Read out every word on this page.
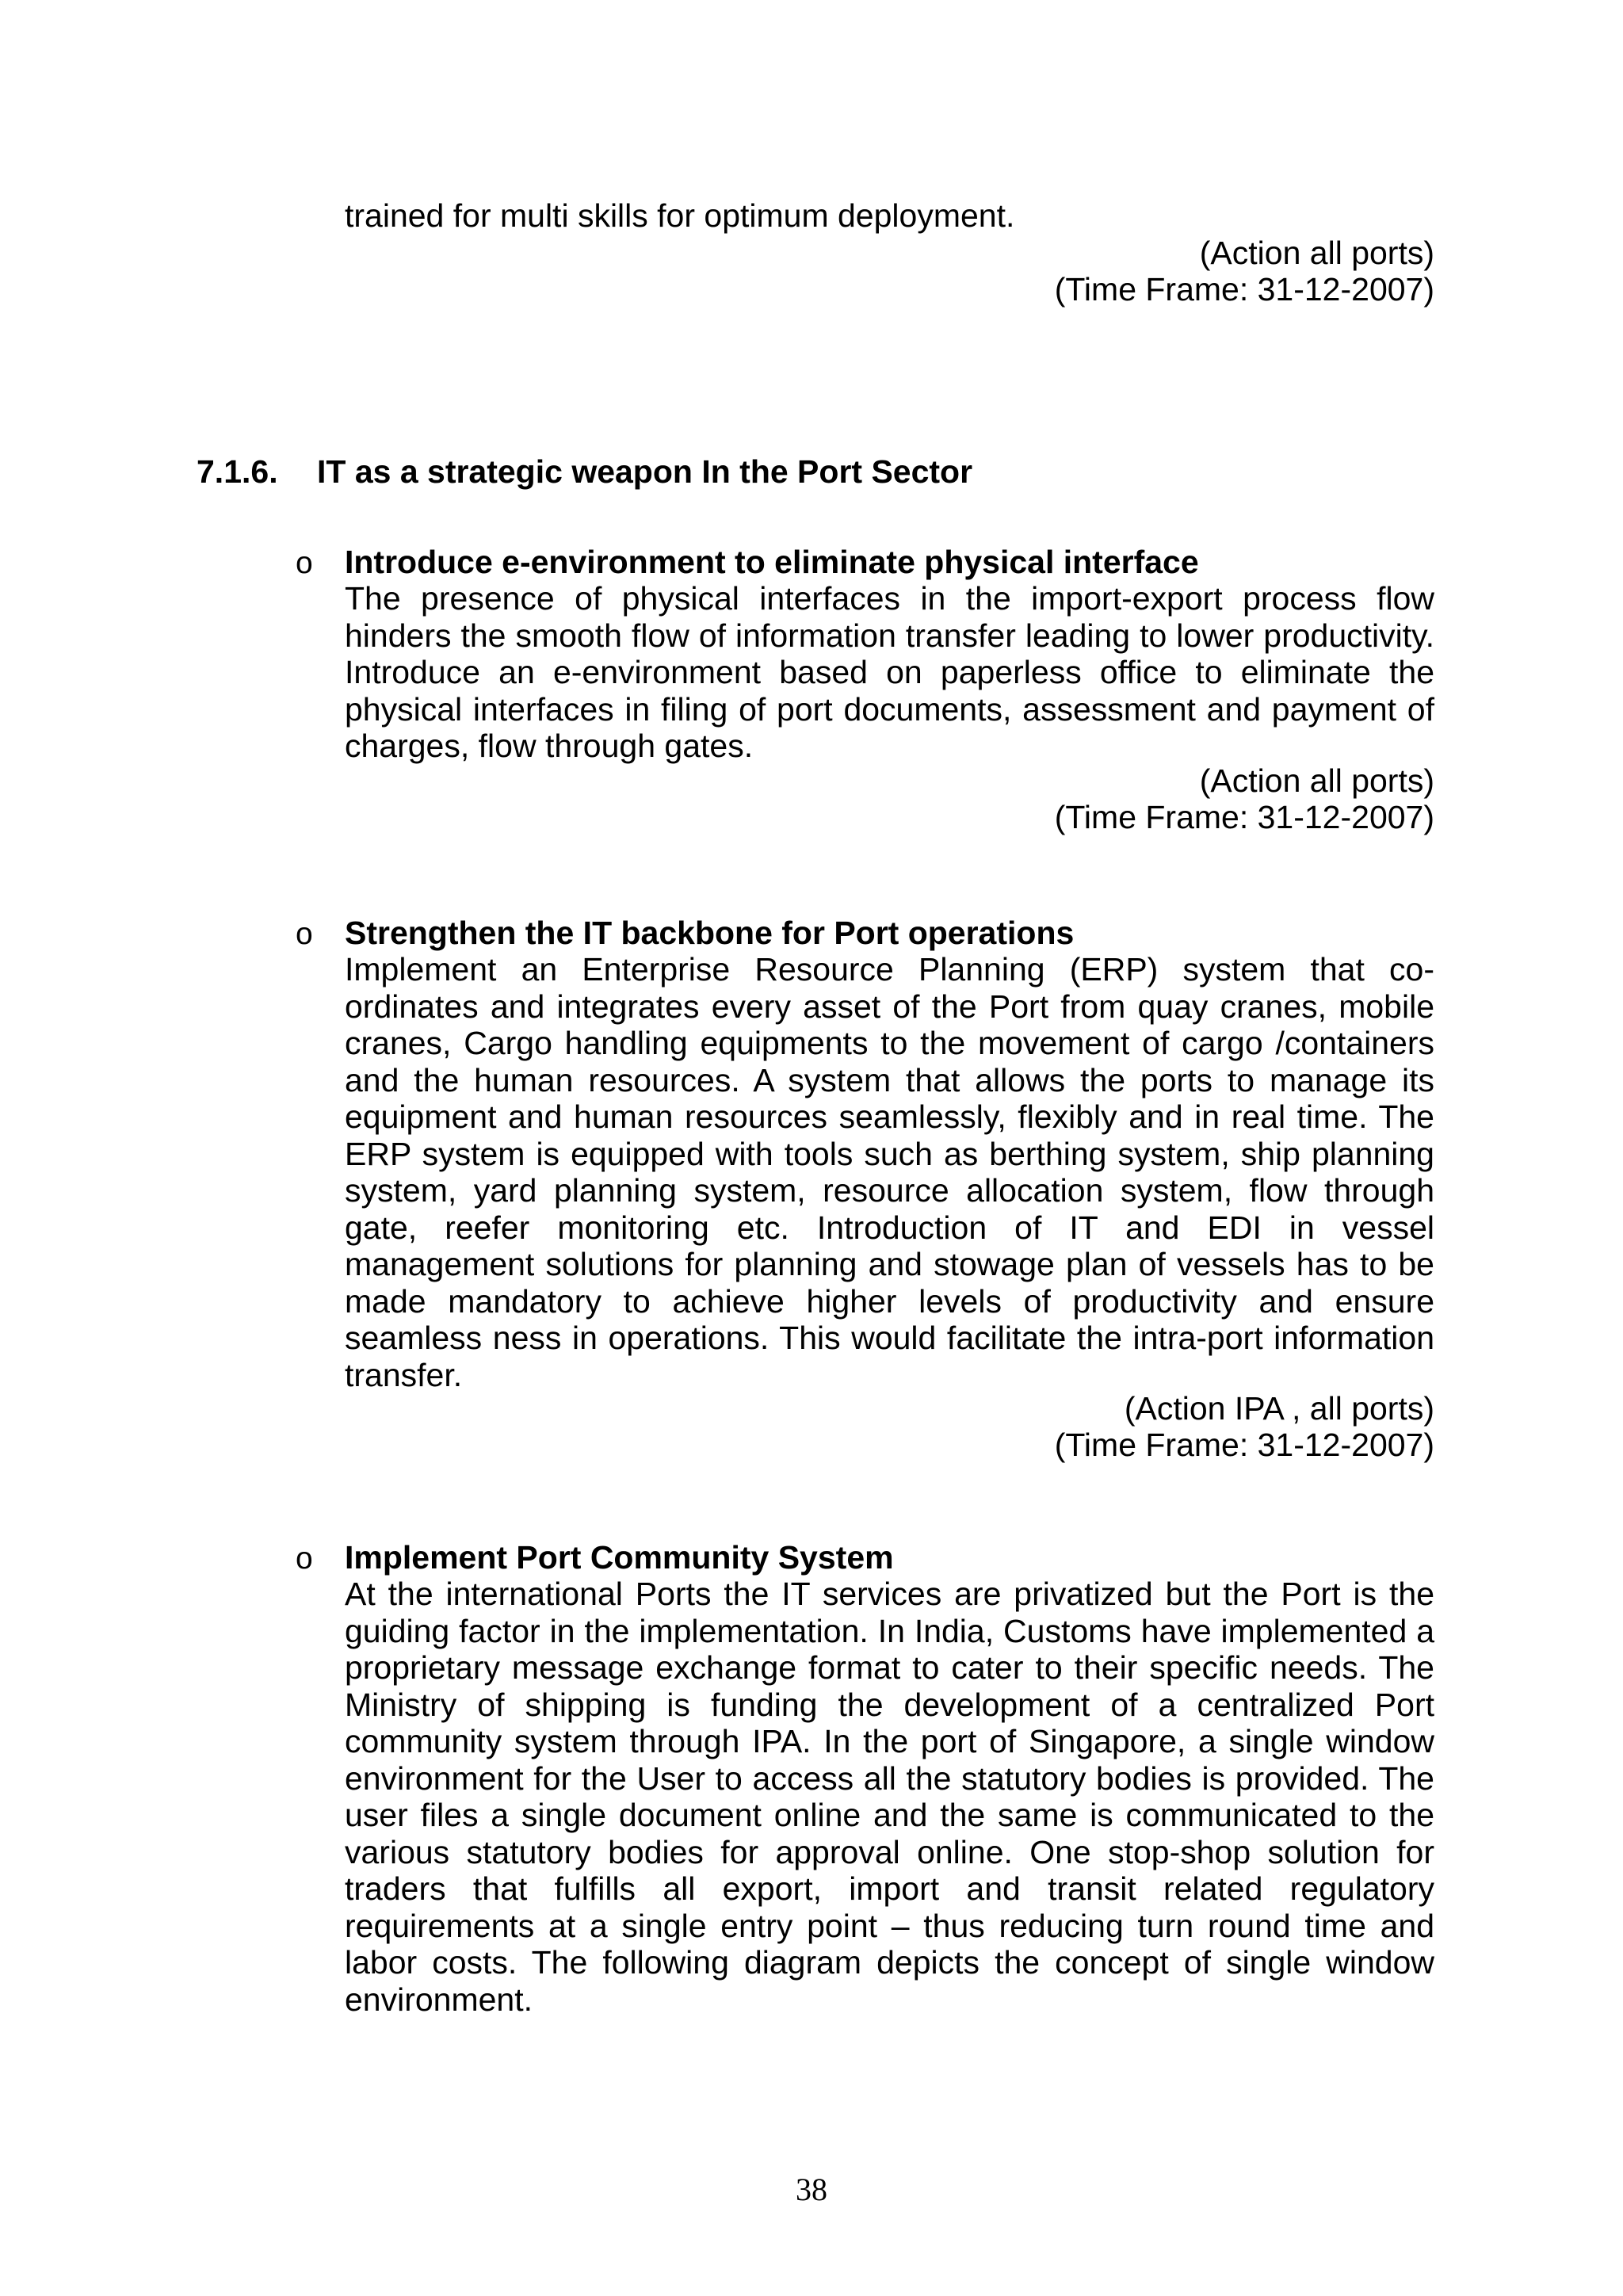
trained for multi skills for optimum deployment.

(Action all ports)

(Time Frame: 31-12-2007)

7.1.6. IT as a strategic weapon In the Port Sector

o Introduce e-environment to eliminate physical interface

The presence of physical interfaces in the import-export process flow hinders the smooth flow of information transfer leading to lower productivity. Introduce an e-environment based on paperless office to eliminate the physical interfaces in filing of port documents, assessment and payment of charges, flow through gates.

(Action all ports)

(Time Frame: 31-12-2007)

o Strengthen the IT backbone for Port operations

Implement an Enterprise Resource Planning (ERP) system that co-ordinates and integrates every asset of the Port from quay cranes, mobile cranes, Cargo handling equipments to the movement of cargo /containers and the human resources. A system that allows the ports to manage its equipment and human resources seamlessly, flexibly and in real time. The ERP system is equipped with tools such as berthing system, ship planning system, yard planning system, resource allocation system, flow through gate, reefer monitoring etc. Introduction of IT and EDI in vessel management solutions for planning and stowage plan of vessels has to be made mandatory to achieve higher levels of productivity and ensure seamless ness in operations. This would facilitate the intra-port information transfer.

(Action IPA , all ports)

(Time Frame: 31-12-2007)

o Implement Port Community System

At the international Ports the IT services are privatized but the Port is the guiding factor in the implementation. In India, Customs have implemented a proprietary message exchange format to cater to their specific needs. The Ministry of shipping is funding the development of a centralized Port community system through IPA. In the port of Singapore, a single window environment for the User to access all the statutory bodies is provided. The user files a single document online and the same is communicated to the various statutory bodies for approval online. One stop-shop solution for traders that fulfills all export, import and transit related regulatory requirements at a single entry point – thus reducing turn round time and labor costs. The following diagram depicts the concept of single window environment.

38
